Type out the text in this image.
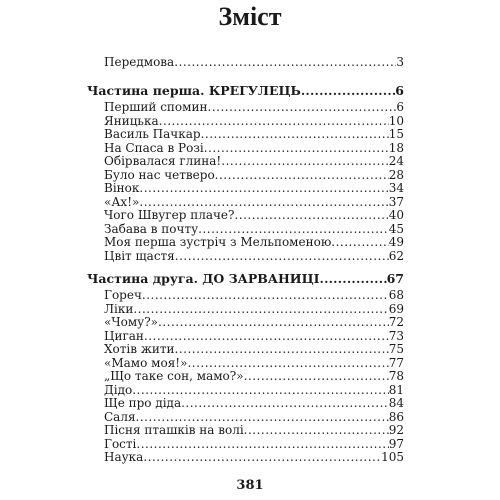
Зміст
Передмова .....	3
Частина перша. КРЕГУЛЕЦЬ .....	6
Перший спомин .....	6
Яницька .....	10
Василь Пачкар .....	15
На Спаса в Розі .....	18
Обірвалася глина! .....	24
Було нас четверо .....	28
Вінок .....	34
«Ах!» .....	37
Чого Швугер плаче? .....	40
Забава в почту .....	45
Моя перша зустріч з Мельпоменою .....	49
Цвіт щастя .....	62
Частина друга. ДО ЗАРВАНИЦІ .....	67
Гореч .....	68
Ліки .....	69
«Чому?» .....	72
Циган .....	73
Хотів жити .....	75
«Мамо моя!» .....	77
„Що таке сон, мамо?» .....	78
Дідо .....	81
Ще про діда .....	84
Саля .....	86
Пісня пташків на волі .....	92
Гості .....	97
Наука .....	105
381
